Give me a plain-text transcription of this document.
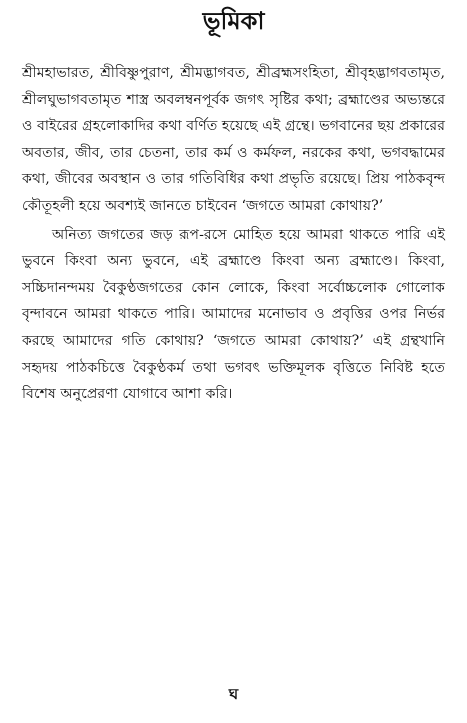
ভূমিকা

শ্রীমহাভারত, শ্রীবিষ্ণুপুরাণ, শ্রীমদ্ভাগবত, শ্রীব্রহ্মসংহিতা, শ্রীবৃহদ্ভাগবতামৃত, শ্রীলঘুভাগবতামৃত শাস্ত্র অবলম্বনপূর্বক জগৎ সৃষ্টির কথা; ব্রহ্মাণ্ডের অভ্যন্তরে ও বাইরের গ্রহলোকাদির কথা বর্ণিত হয়েছে এই গ্রন্থে। ভগবানের ছয় প্রকারের অবতার, জীব, তার চেতনা, তার কর্ম ও কর্মফল, নরকের কথা, ভগবদ্ধামের কথা, জীবের অবস্থান ও তার গতিবিধির কথা প্রভৃতি রয়েছে। প্রিয় পাঠকবৃন্দ কৌতূহলী হয়ে অবশ্যই জানতে চাইবেন ‘জগতে আমরা কোথায়?’

অনিত্য জগতের জড় রূপ-রসে মোহিত হয়ে আমরা থাকতে পারি এই ভুবনে কিংবা অন্য ভুবনে, এই ব্রহ্মাণ্ডে কিংবা অন্য ব্রহ্মাণ্ডে। কিংবা, সচ্চিদানন্দময় বৈকুণ্ঠজগতের কোন লোকে, কিংবা সর্বোচ্চলোক গোলোক বৃন্দাবনে আমরা থাকতে পারি। আমাদের মনোভাব ও প্রবৃত্তির ওপর নির্ভর করছে আমাদের গতি কোথায়? ‘জগতে আমরা কোথায়?’ এই গ্রন্থখানি সহৃদয় পাঠকচিত্তে বৈকুণ্ঠকর্ম তথা ভগবৎ ভক্তিমূলক বৃত্তিতে নিবিষ্ট হতে বিশেষ অনুপ্রেরণা যোগাবে আশা করি।

ঘ
